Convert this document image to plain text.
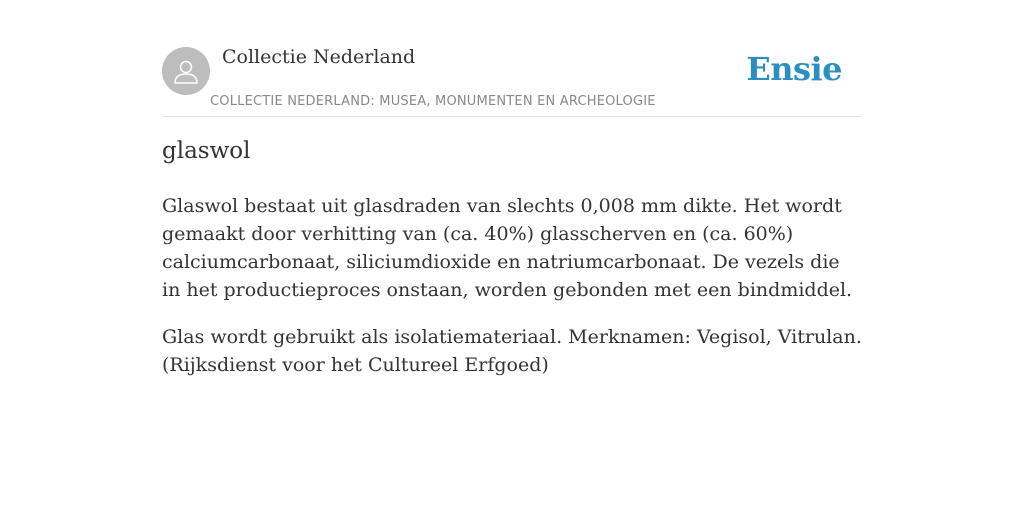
Collectie Nederland
COLLECTIE NEDERLAND: MUSEA, MONUMENTEN EN ARCHEOLOGIE
Ensie
glaswol

Glaswol bestaat uit glasdraden van slechts 0,008 mm dikte. Het wordt gemaakt door verhitting van (ca. 40%) glasscherven en (ca. 60%) calciumcarbonaat, siliciumdioxide en natriumcarbonaat. De vezels die in het productieproces onstaan, worden gebonden met een bindmiddel.

Glas wordt gebruikt als isolatiemateriaal. Merknamen: Vegisol, Vitrulan. (Rijksdienst voor het Cultureel Erfgoed)
